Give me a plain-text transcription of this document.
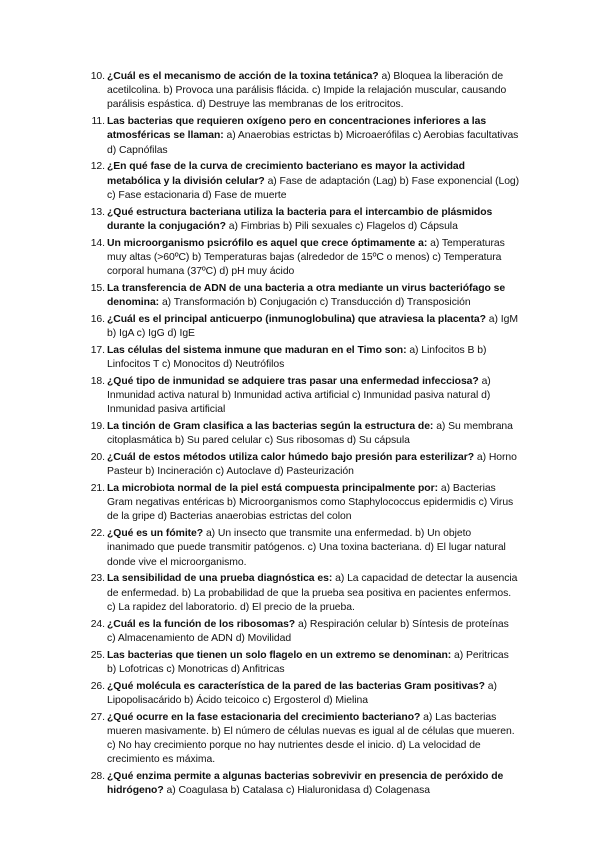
10. ¿Cuál es el mecanismo de acción de la toxina tetánica? a) Bloquea la liberación de acetilcolina. b) Provoca una parálisis flácida. c) Impide la relajación muscular, causando parálisis espástica. d) Destruye las membranas de los eritrocitos.
11. Las bacterias que requieren oxígeno pero en concentraciones inferiores a las atmosféricas se llaman: a) Anaerobias estrictas b) Microaerófilas c) Aerobias facultativas d) Capnófilas
12. ¿En qué fase de la curva de crecimiento bacteriano es mayor la actividad metabólica y la división celular? a) Fase de adaptación (Lag) b) Fase exponencial (Log) c) Fase estacionaria d) Fase de muerte
13. ¿Qué estructura bacteriana utiliza la bacteria para el intercambio de plásmidos durante la conjugación? a) Fimbrias b) Pili sexuales c) Flagelos d) Cápsula
14. Un microorganismo psicrófilo es aquel que crece óptimamente a: a) Temperaturas muy altas (>60ºC) b) Temperaturas bajas (alrededor de 15ºC o menos) c) Temperatura corporal humana (37ºC) d) pH muy ácido
15. La transferencia de ADN de una bacteria a otra mediante un virus bacteriófago se denomina: a) Transformación b) Conjugación c) Transducción d) Transposición
16. ¿Cuál es el principal anticuerpo (inmunoglobulina) que atraviesa la placenta? a) IgM b) IgA c) IgG d) IgE
17. Las células del sistema inmune que maduran en el Timo son: a) Linfocitos B b) Linfocitos T c) Monocitos d) Neutrófilos
18. ¿Qué tipo de inmunidad se adquiere tras pasar una enfermedad infecciosa? a) Inmunidad activa natural b) Inmunidad activa artificial c) Inmunidad pasiva natural d) Inmunidad pasiva artificial
19. La tinción de Gram clasifica a las bacterias según la estructura de: a) Su membrana citoplasmática b) Su pared celular c) Sus ribosomas d) Su cápsula
20. ¿Cuál de estos métodos utiliza calor húmedo bajo presión para esterilizar? a) Horno Pasteur b) Incineración c) Autoclave d) Pasteurización
21. La microbiota normal de la piel está compuesta principalmente por: a) Bacterias Gram negativas entéricas b) Microorganismos como Staphylococcus epidermidis c) Virus de la gripe d) Bacterias anaerobias estrictas del colon
22. ¿Qué es un fómite? a) Un insecto que transmite una enfermedad. b) Un objeto inanimado que puede transmitir patógenos. c) Una toxina bacteriana. d) El lugar natural donde vive el microorganismo.
23. La sensibilidad de una prueba diagnóstica es: a) La capacidad de detectar la ausencia de enfermedad. b) La probabilidad de que la prueba sea positiva en pacientes enfermos. c) La rapidez del laboratorio. d) El precio de la prueba.
24. ¿Cuál es la función de los ribosomas? a) Respiración celular b) Síntesis de proteínas c) Almacenamiento de ADN d) Movilidad
25. Las bacterias que tienen un solo flagelo en un extremo se denominan: a) Peritricas b) Lofotricas c) Monotricas d) Anfitricas
26. ¿Qué molécula es característica de la pared de las bacterias Gram positivas? a) Lipopolisacárido b) Ácido teicoico c) Ergosterol d) Mielina
27. ¿Qué ocurre en la fase estacionaria del crecimiento bacteriano? a) Las bacterias mueren masivamente. b) El número de células nuevas es igual al de células que mueren. c) No hay crecimiento porque no hay nutrientes desde el inicio. d) La velocidad de crecimiento es máxima.
28. ¿Qué enzima permite a algunas bacterias sobrevivir en presencia de peróxido de hidrógeno? a) Coagulasa b) Catalasa c) Hialuronidasa d) Colagenasa
